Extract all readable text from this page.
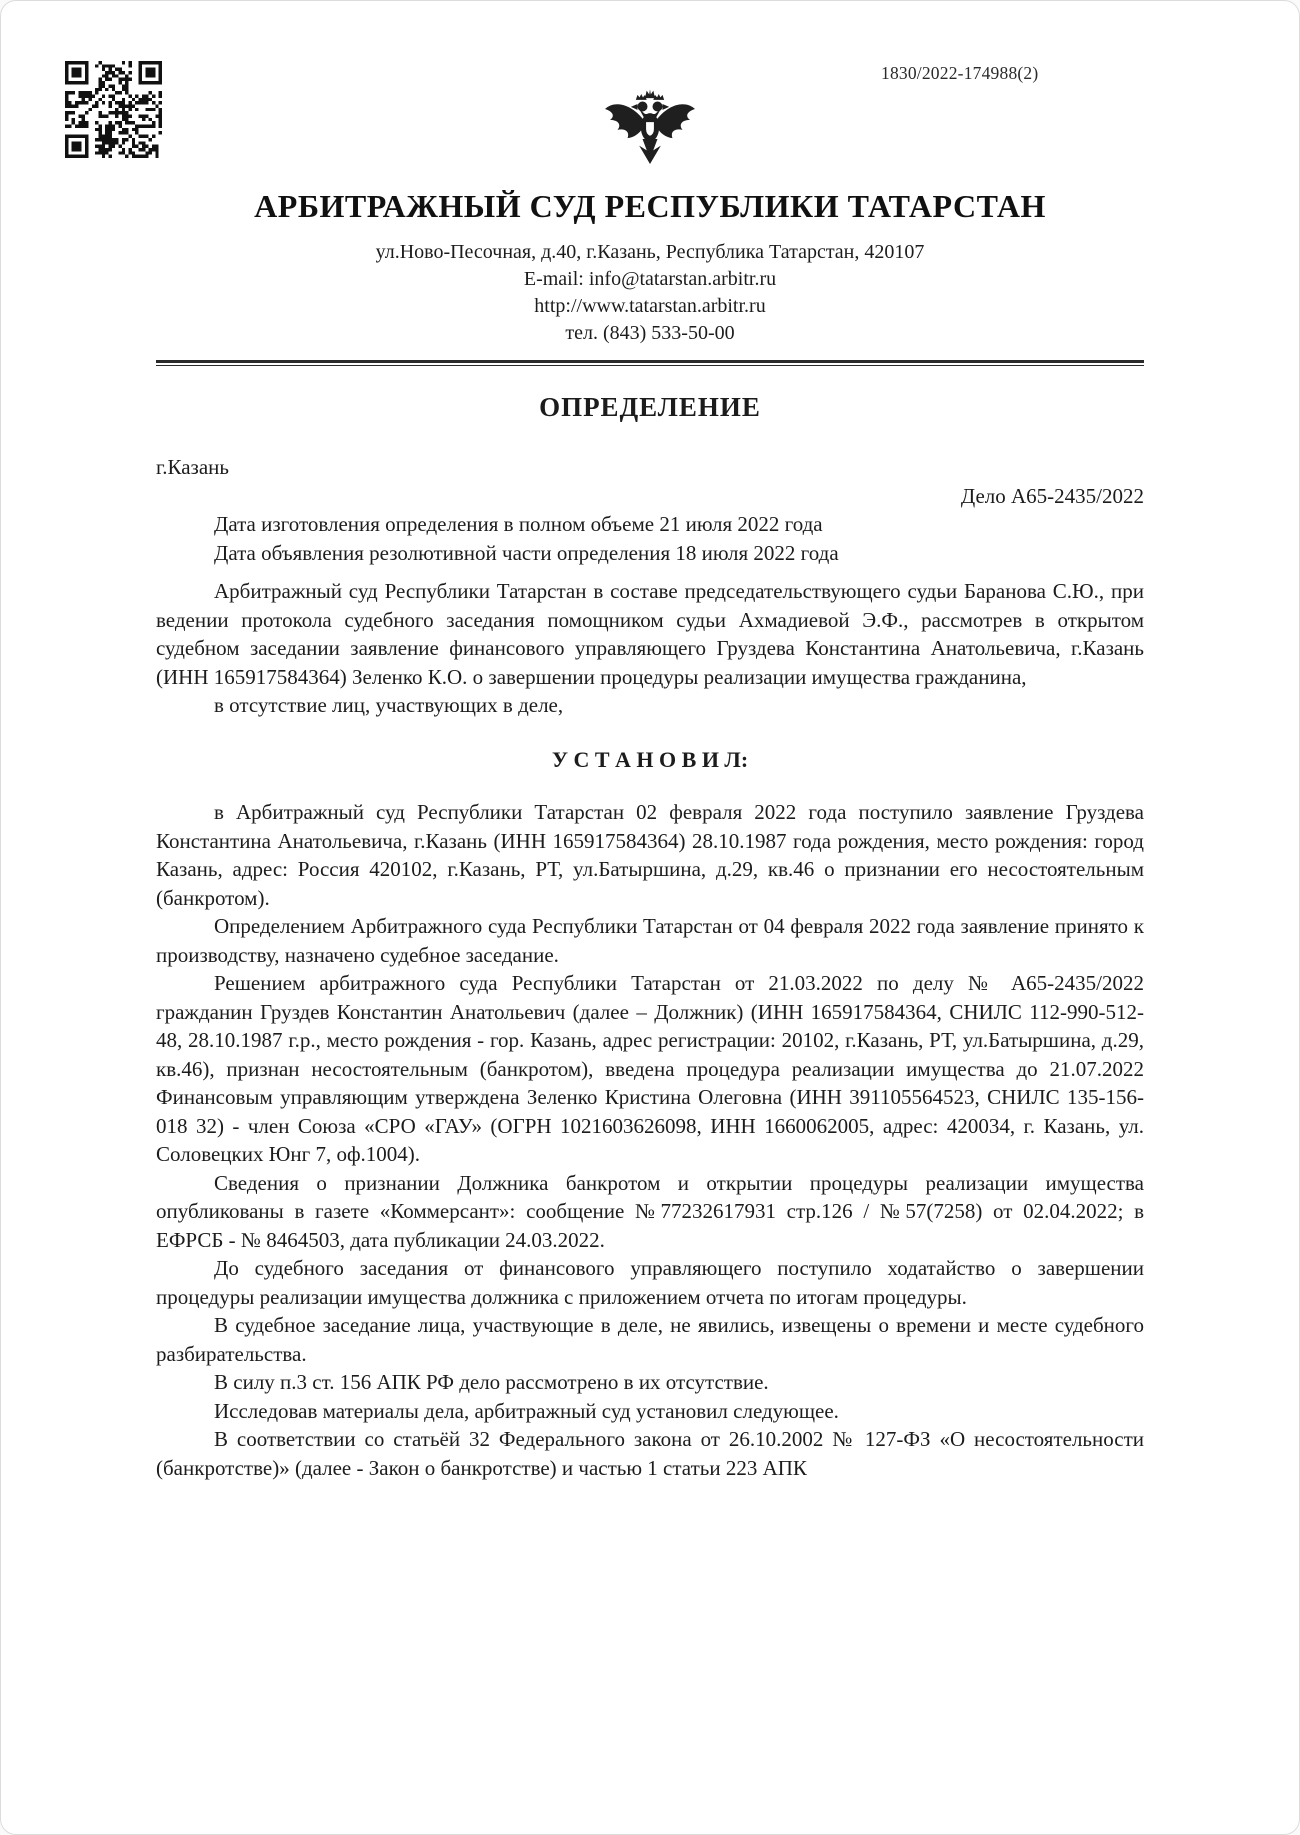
1830/2022-174988(2)
АРБИТРАЖНЫЙ СУД РЕСПУБЛИКИ ТАТАРСТАН
ул.Ново-Песочная, д.40, г.Казань, Республика Татарстан, 420107
E-mail: info@tatarstan.arbitr.ru
http://www.tatarstan.arbitr.ru
тел. (843) 533-50-00
ОПРЕДЕЛЕНИЕ
г.Казань
Дело А65-2435/2022
Дата изготовления определения в полном объеме 21 июля 2022 года
Дата объявления резолютивной части определения 18 июля 2022 года

Арбитражный суд Республики Татарстан в составе председательствующего судьи Баранова С.Ю., при ведении протокола судебного заседания помощником судьи Ахмадиевой Э.Ф., рассмотрев в открытом судебном заседании заявление финансового управляющего Груздева Константина Анатольевича, г.Казань (ИНН 165917584364) Зеленко К.О. о завершении процедуры реализации имущества гражданина,

в отсутствие лиц, участвующих в деле,

У С Т А Н О В И Л:

в Арбитражный суд Республики Татарстан 02 февраля 2022 года поступило заявление Груздева Константина Анатольевича, г.Казань (ИНН 165917584364) 28.10.1987 года рождения, место рождения: город Казань, адрес: Россия 420102, г.Казань, РТ, ул.Батыршина, д.29, кв.46 о признании его несостоятельным (банкротом).

Определением Арбитражного суда Республики Татарстан от 04 февраля 2022 года заявление принято к производству, назначено судебное заседание.

Решением арбитражного суда Республики Татарстан от 21.03.2022 по делу № А65-2435/2022 гражданин Груздев Константин Анатольевич (далее – Должник) (ИНН 165917584364, СНИЛС 112-990-512-48, 28.10.1987 г.р., место рождения - гор. Казань, адрес регистрации: 20102, г.Казань, РТ, ул.Батыршина, д.29, кв.46), признан несостоятельным (банкротом), введена процедура реализации имущества до 21.07.2022 Финансовым управляющим утверждена Зеленко Кристина Олеговна (ИНН 391105564523, СНИЛС 135-156-018 32) - член Союза «СРО «ГАУ» (ОГРН 1021603626098, ИНН 1660062005, адрес: 420034, г. Казань, ул. Соловецких Юнг 7, оф.1004).

Сведения о признании Должника банкротом и открытии процедуры реализации имущества опубликованы в газете «Коммерсант»: сообщение №77232617931 стр.126 / №57(7258) от 02.04.2022; в ЕФРСБ - № 8464503, дата публикации 24.03.2022.

До судебного заседания от финансового управляющего поступило ходатайство о завершении процедуры реализации имущества должника с приложением отчета по итогам процедуры.

В судебное заседание лица, участвующие в деле, не явились, извещены о времени и месте судебного разбирательства.

В силу п.3 ст. 156 АПК РФ дело рассмотрено в их отсутствие.

Исследовав материалы дела, арбитражный суд установил следующее.

В соответствии со статьёй 32 Федерального закона от 26.10.2002 № 127-ФЗ «О несостоятельности (банкротстве)» (далее - Закон о банкротстве) и частью 1 статьи 223 АПК
